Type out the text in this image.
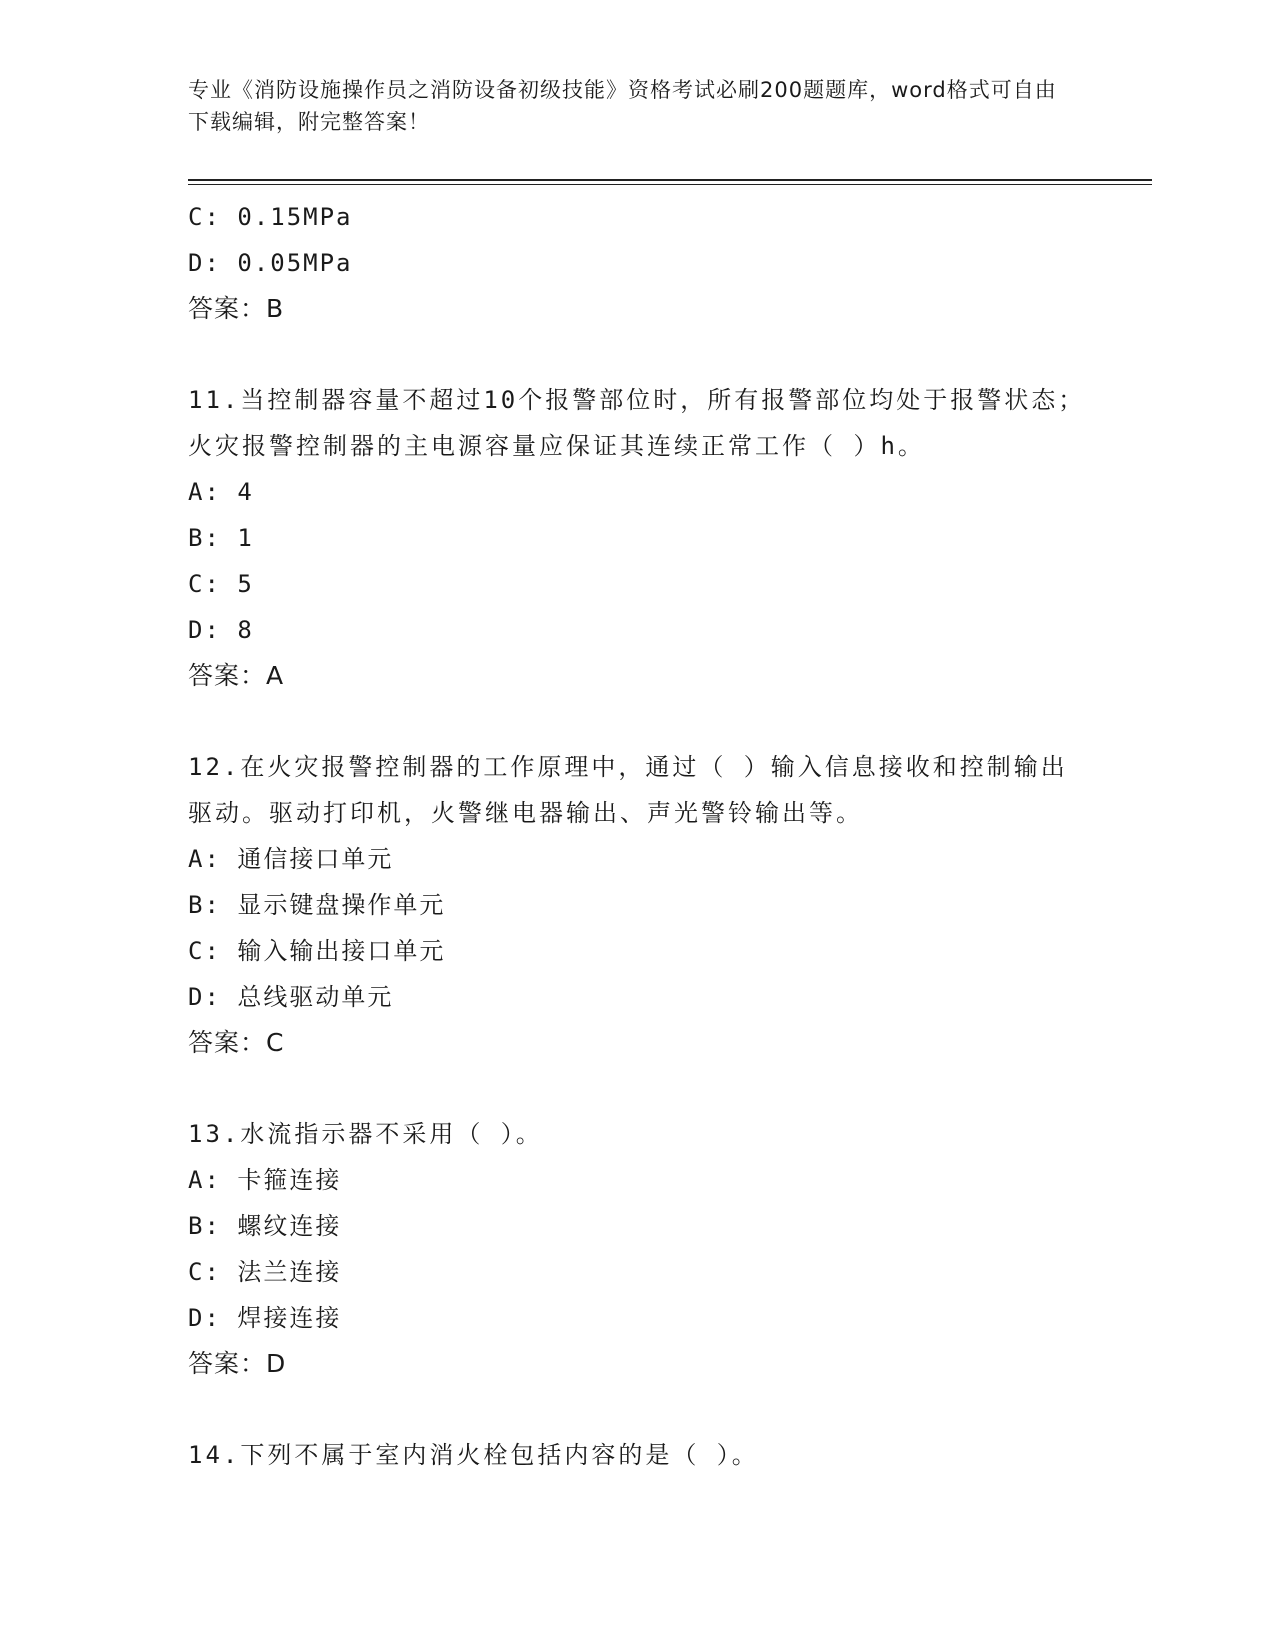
专业《消防设施操作员之消防设备初级技能》资格考试必刷200题题库，word格式可自由下载编辑，附完整答案！
C: 0.15MPa
D: 0.05MPa
答案：B
11.当控制器容量不超过10个报警部位时，所有报警部位均处于报警状态；火灾报警控制器的主电源容量应保证其连续正常工作（ ）h。
A: 4
B: 1
C: 5
D: 8
答案：A
12.在火灾报警控制器的工作原理中，通过（ ）输入信息接收和控制输出驱动。驱动打印机，火警继电器输出、声光警铃输出等。
A: 通信接口单元
B: 显示键盘操作单元
C: 输入输出接口单元
D: 总线驱动单元
答案：C
13.水流指示器不采用（ ）。
A: 卡箍连接
B: 螺纹连接
C: 法兰连接
D: 焊接连接
答案：D
14.下列不属于室内消火栓包括内容的是（ ）。
